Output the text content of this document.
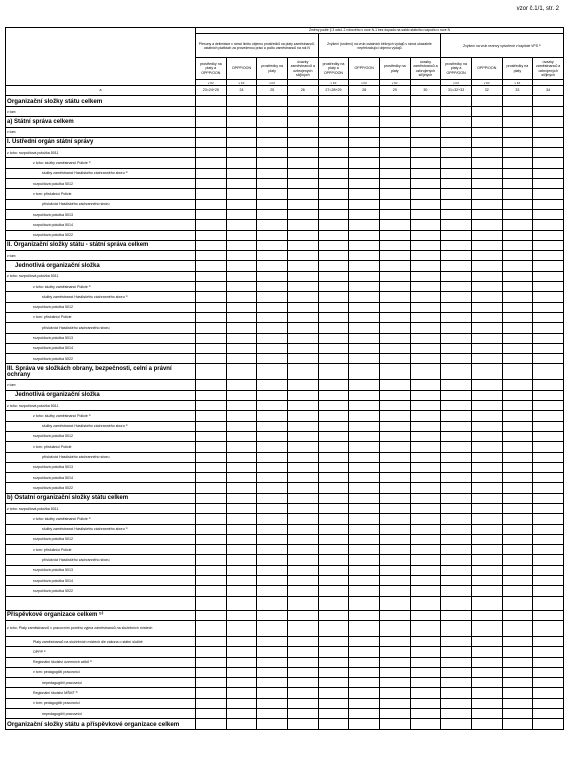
vzor č.1/1, str. 2
	Změny podle § 3 odst. 2 rohového v roce N-1 bez dopadu na saldo státního rozpočtu v roce N											
	Přesuny a delimitace v rámci limitu objemu prostředků na platy zaměstnanců, ostatních platbách za provedenou práci a počtu zaměstnanců na rok N				Zvýšení (snížení) na vrub ostatních běžných výdajů v rámci ukazatele nepřekračující objemu výdajů				Zvýšení na vrub rezervy vytvořené v kapitole VPS ⁵⁾			
	prostředky na platy a OPPP/OON	OPPP/OON	prostředky na platy	úvazky zaměstnanců a ozbrojených sil/jiných	prostředky na platy a OPPP/OON	OPPP/OON	prostředky na platy	úvazky zaměstnanců a ozbrojených sil/jiných	prostředky na platy a OPPP/OON	OPPP/OON	prostředky na platy	úvazky zaměstnanců a ozbrojených sil/jiných
	v Kč	v Kč	v Kč		v Kč	v Kč	v Kč		v Kč	v Kč	v Kč	

a	23=24+25	24	25	26	27=28+29	28	29	30	31=32+33	32	33	34
Organizační složky státu celkem												
v tom:												
a) Státní správa celkem												
v tom:												
I. Ústřední orgán státní správy												
z toho: rozpočtová položka 5011												
z toho: služby zaměstnanci Policie ¹⁾												
služby zaměstnanci Hasičského záchranného sboru ¹⁾												
rozpočtová položka 5012												
v tom: příslušníci Policie												
příslušníci Hasičského záchranného sboru												
rozpočtová položka 5013												
rozpočtová položka 5014												
rozpočtová položka 5022												
II. Organizační složky státu - státní správa celkem												
v tom:												
Jednotlivá organizační složka												
z toho: rozpočtová položka 5011												
z toho: služby zaměstnanci Policie ¹⁾												
služby zaměstnanci Hasičského záchranného sboru ¹⁾												
rozpočtová položka 5012												
v tom: příslušníci Policie												
příslušníci Hasičského záchranného sboru												
rozpočtová položka 5013												
rozpočtová položka 5014												
rozpočtová položka 5022												
III. Správa ve složkách obrany, bezpečnosti, celní a právní ochrany												
v tom:												
Jednotlivá organizační složka												
z toho: rozpočtová položka 5011												
z toho: služby zaměstnanci Policie ¹⁾												
služby zaměstnanci Hasičského záchranného sboru ¹⁾												
rozpočtová položka 5012												
v tom: příslušníci Policie												
příslušníci Hasičského záchranného sboru												
rozpočtová položka 5013												
rozpočtová položka 5014												
rozpočtová položka 5022												
b) Ostatní organizační složky státu celkem												
z toho: rozpočtová položka 5011												
z toho: služby zaměstnanci Policie ¹⁾												
služby zaměstnanci Hasičského záchranného sboru ¹⁾												
rozpočtová položka 5012												
v tom: příslušníci Policie												
příslušníci Hasičského záchranného sboru												
rozpočtová položka 5013												
rozpočtová položka 5014												
rozpočtová položka 5022												

Příspěvkové organizace celkem ⁵⁾												
z toho: Platy zaměstnanců v pracovním poměru vyjma zaměstnanců na služebních místech												
Platy zaměstnanců na služebních místech dle zákona o státní službě												
OPPP ¹⁾												
Regionální školství územních celků ²⁾												
v tom: pedagogičtí pracovníci												
nepedagogičtí pracovníci												
Regionální školství MŠMT ³⁾												
v tom: pedagogičtí pracovníci												
nepedagogičtí pracovníci												
Organizační složky státu a příspěvkové organizace celkem												
